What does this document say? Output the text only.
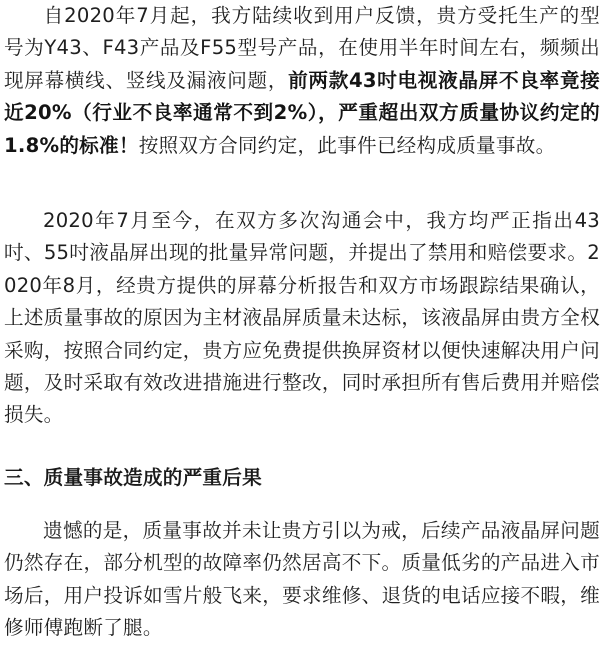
自2020年7月起，我方陆续收到用户反馈，贵方受托生产的型号为Y43、F43产品及F55型号产品，在使用半年时间左右，频频出现屏幕横线、竖线及漏液问题，前两款43吋电视液晶屏不良率竟接近20%（行业不良率通常不到2%），严重超出双方质量协议约定的1.8%的标准！按照双方合同约定，此事件已经构成质量事故。

2020年7月至今，在双方多次沟通会中，我方均严正指出43吋、55吋液晶屏出现的批量异常问题，并提出了禁用和赔偿要求。2020年8月，经贵方提供的屏幕分析报告和双方市场跟踪结果确认，上述质量事故的原因为主材液晶屏质量未达标，该液晶屏由贵方全权采购，按照合同约定，贵方应免费提供换屏资材以便快速解决用户问题，及时采取有效改进措施进行整改，同时承担所有售后费用并赔偿损失。

三、质量事故造成的严重后果

遗憾的是，质量事故并未让贵方引以为戒，后续产品液晶屏问题仍然存在，部分机型的故障率仍然居高不下。质量低劣的产品进入市场后，用户投诉如雪片般飞来，要求维修、退货的电话应接不暇，维修师傅跑断了腿。
